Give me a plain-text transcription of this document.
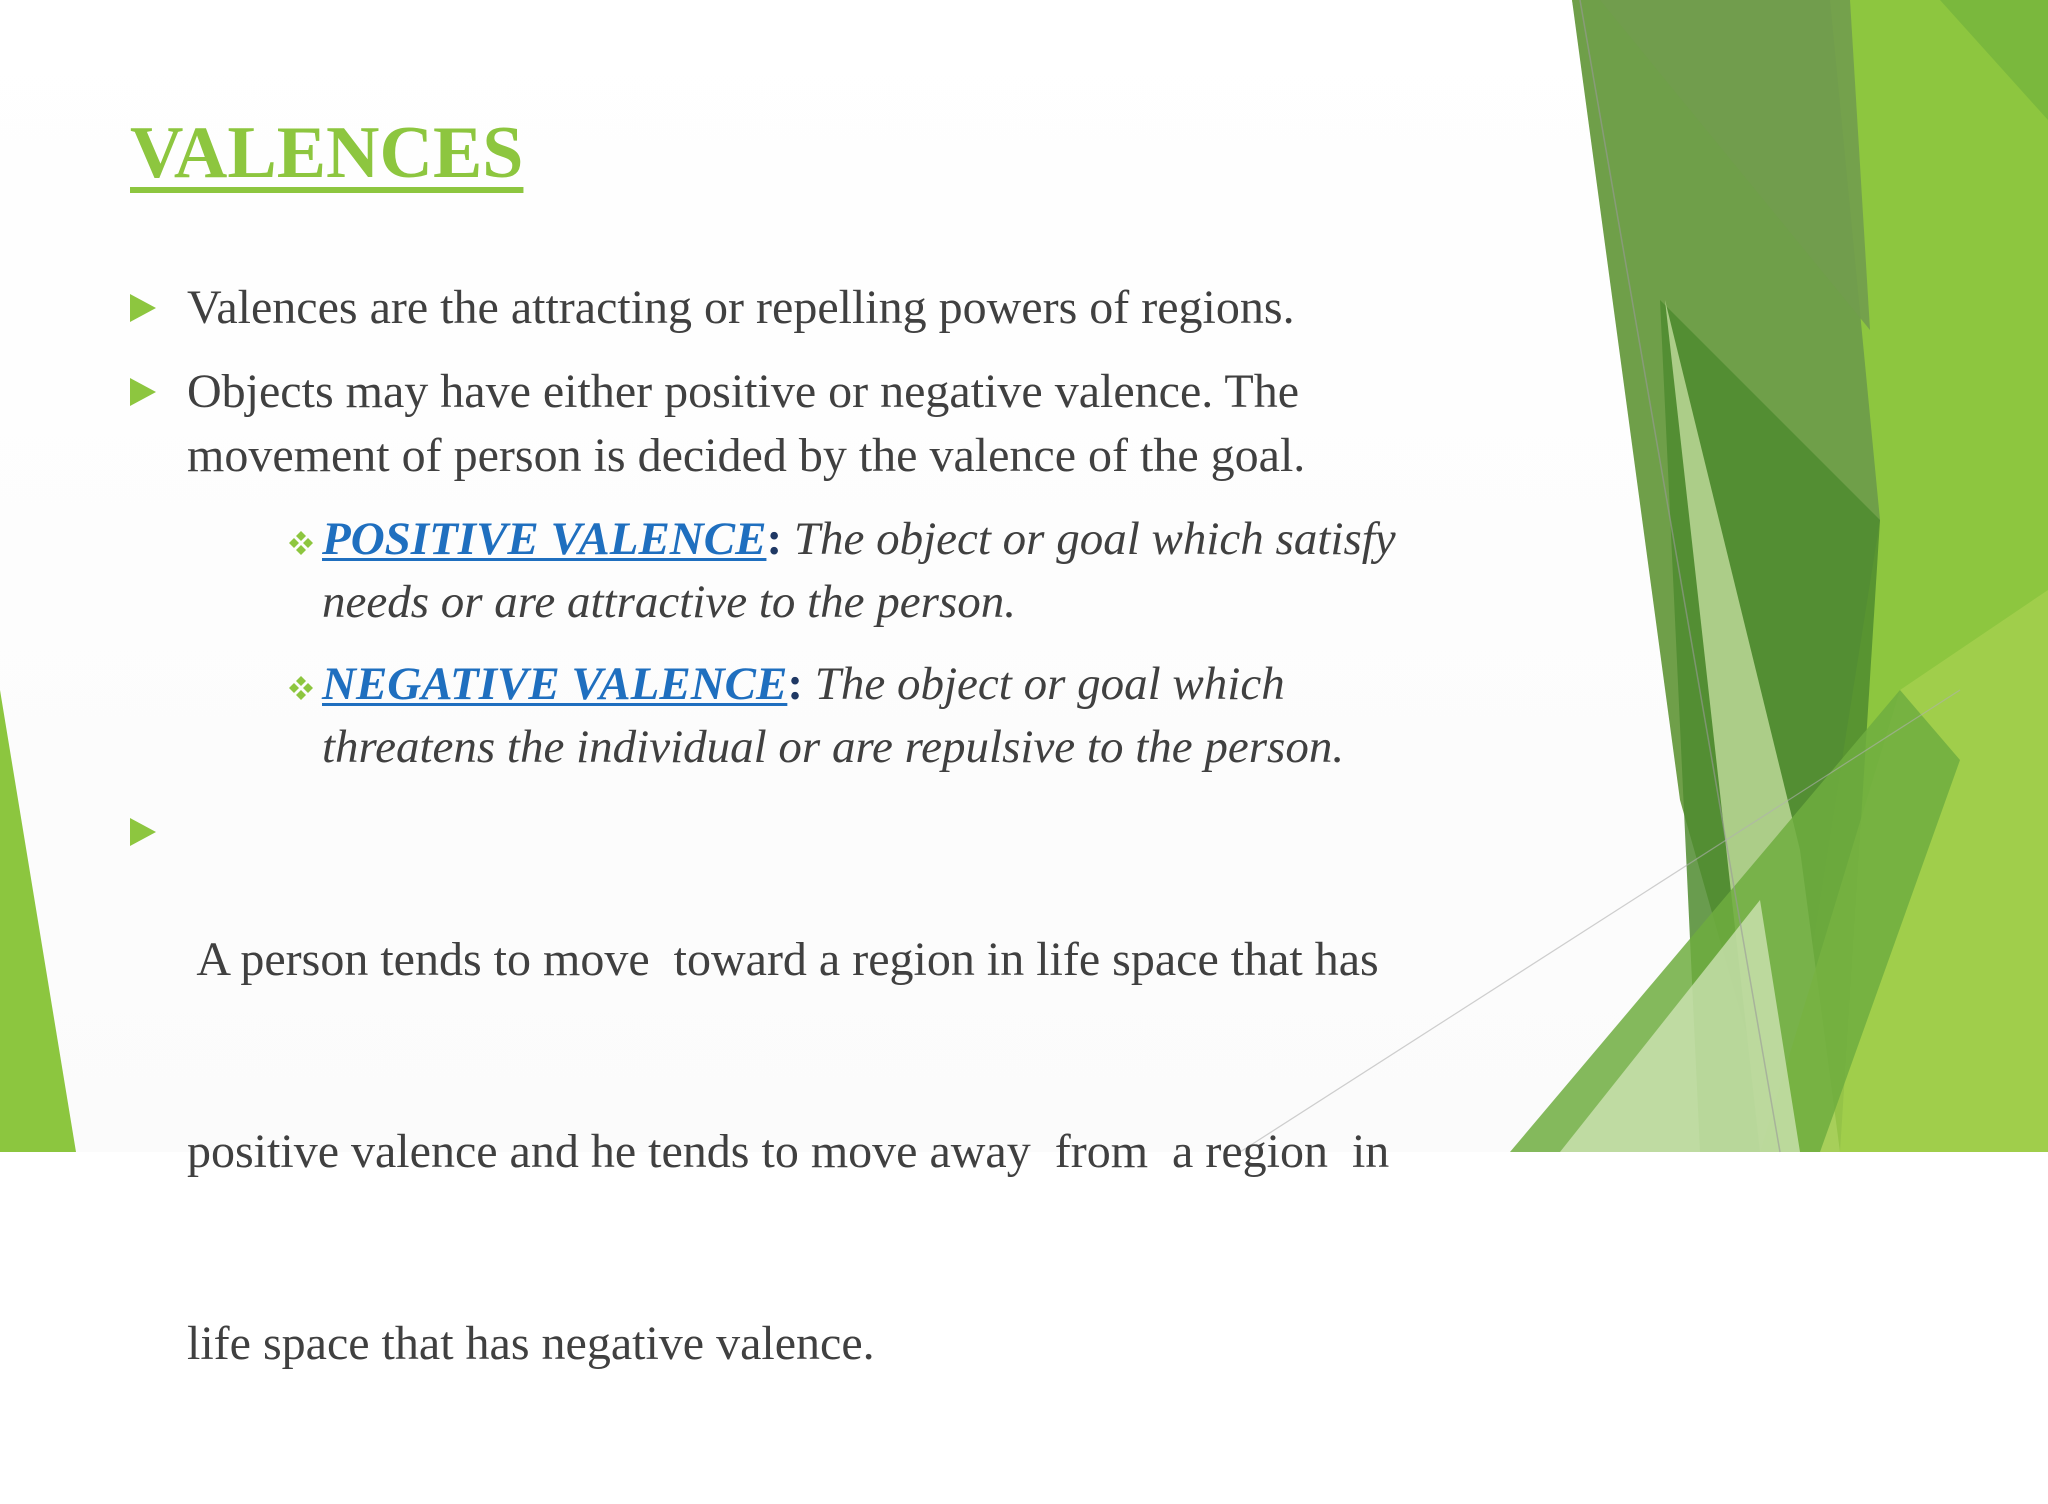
VALENCES
Valences are the attracting or repelling powers of regions.
Objects may have either positive or negative valence. The
movement of person is decided by the valence of the goal.
POSITIVE VALENCE: The object or goal which satisfy
needs or are attractive to the person.
NEGATIVE VALENCE: The object or goal which
threatens the individual or are repulsive to the person.

A person tends to move  toward a region in life space that has

positive valence and he tends to move away  from  a region  in

life space that has negative valence.
